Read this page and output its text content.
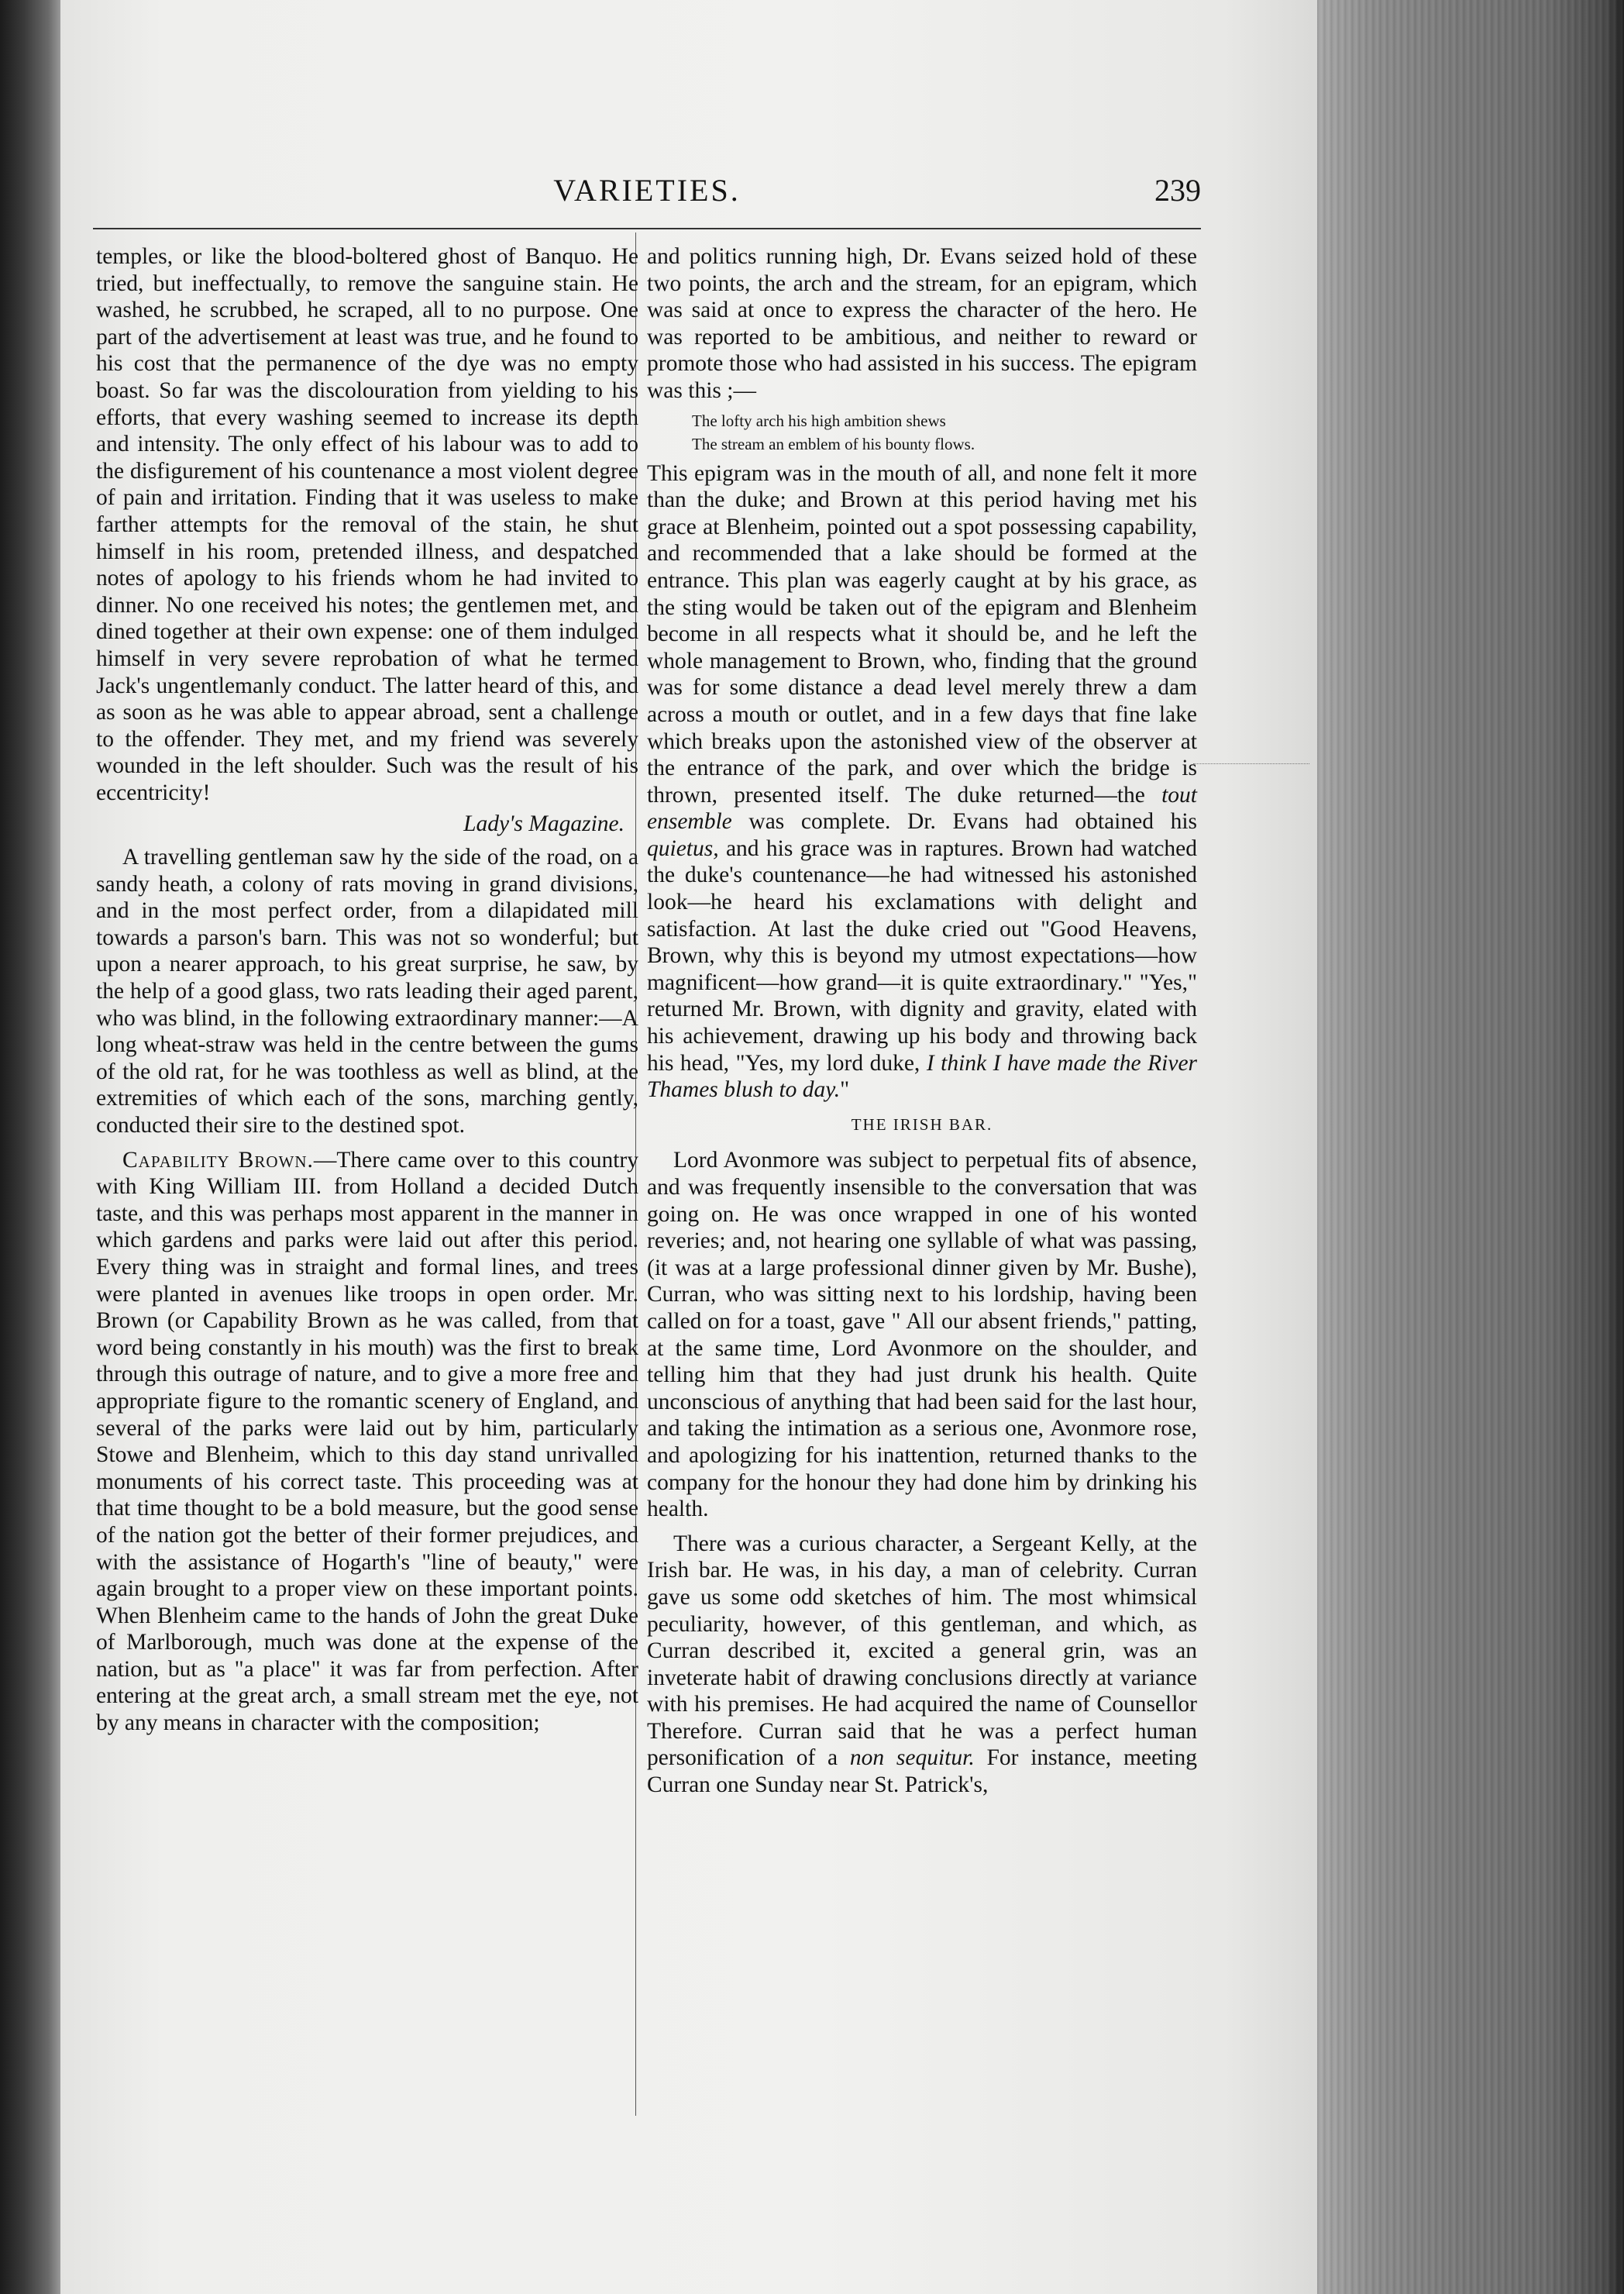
VARIETIES.	239

temples, or like the blood-boltered ghost of Banquo. He tried, but ineffectually, to remove the sanguine stain. He washed, he scrubbed, he scraped, all to no purpose. One part of the advertisement at least was true, and he found to his cost that the permanence of the dye was no empty boast. So far was the discolouration from yielding to his efforts, that every washing seemed to increase its depth and intensity. The only effect of his labour was to add to the disfigurement of his countenance a most violent degree of pain and irritation. Finding that it was useless to make farther attempts for the removal of the stain, he shut himself in his room, pretended illness, and despatched notes of apology to his friends whom he had invited to dinner. No one received his notes; the gentlemen met, and dined together at their own expense: one of them indulged himself in very severe reprobation of what he termed Jack's ungentlemanly conduct. The latter heard of this, and as soon as he was able to appear abroad, sent a challenge to the offender. They met, and my friend was severely wounded in the left shoulder. Such was the result of his eccentricity!

Lady's Magazine.

A travelling gentleman saw hy the side of the road, on a sandy heath, a colony of rats moving in grand divisions, and in the most perfect order, from a dilapidated mill towards a parson's barn. This was not so wonderful; but upon a nearer approach, to his great surprise, he saw, by the help of a good glass, two rats leading their aged parent, who was blind, in the following extraordinary manner:—A long wheat-straw was held in the centre between the gums of the old rat, for he was toothless as well as blind, at the extremities of which each of the sons, marching gently, conducted their sire to the destined spot.

Capability Brown.—There came over to this country with King William III. from Holland a decided Dutch taste, and this was perhaps most apparent in the manner in which gardens and parks were laid out after this period. Every thing was in straight and formal lines, and trees were planted in avenues like troops in open order. Mr. Brown (or Capability Brown as he was called, from that word being constantly in his mouth) was the first to break through this outrage of nature, and to give a more free and appropriate figure to the romantic scenery of England, and several of the parks were laid out by him, particularly Stowe and Blenheim, which to this day stand unrivalled monuments of his correct taste. This proceeding was at that time thought to be a bold measure, but the good sense of the nation got the better of their former prejudices, and with the assistance of Hogarth's "line of beauty," were again brought to a proper view on these important points. When Blenheim came to the hands of John the great Duke of Marlborough, much was done at the expense of the nation, but as "a place" it was far from perfection. After entering at the great arch, a small stream met the eye, not by any means in character with the composition;

and politics running high, Dr. Evans seized hold of these two points, the arch and the stream, for an epigram, which was said at once to express the character of the hero. He was reported to be ambitious, and neither to reward or promote those who had assisted in his success. The epigram was this ;—

The lofty arch his high ambition shews
The stream an emblem of his bounty flows.

This epigram was in the mouth of all, and none felt it more than the duke; and Brown at this period having met his grace at Blenheim, pointed out a spot possessing capability, and recommended that a lake should be formed at the entrance. This plan was eagerly caught at by his grace, as the sting would be taken out of the epigram and Blenheim become in all respects what it should be, and he left the whole management to Brown, who, finding that the ground was for some distance a dead level merely threw a dam across a mouth or outlet, and in a few days that fine lake which breaks upon the astonished view of the observer at the entrance of the park, and over which the bridge is thrown, presented itself. The duke returned—the tout ensemble was complete. Dr. Evans had obtained his quietus, and his grace was in raptures. Brown had watched the duke's countenance—he had witnessed his astonished look—he heard his exclamations with delight and satisfaction. At last the duke cried out "Good Heavens, Brown, why this is beyond my utmost expectations—how magnificent—how grand—it is quite extraordinary." "Yes," returned Mr. Brown, with dignity and gravity, elated with his achievement, drawing up his body and throwing back his head, "Yes, my lord duke, I think I have made the River Thames blush to day."

THE IRISH BAR.

Lord Avonmore was subject to perpetual fits of absence, and was frequently insensible to the conversation that was going on. He was once wrapped in one of his wonted reveries; and, not hearing one syllable of what was passing, (it was at a large professional dinner given by Mr. Bushe), Curran, who was sitting next to his lordship, having been called on for a toast, gave " All our absent friends," patting, at the same time, Lord Avonmore on the shoulder, and telling him that they had just drunk his health. Quite unconscious of anything that had been said for the last hour, and taking the intimation as a serious one, Avonmore rose, and apologizing for his inattention, returned thanks to the company for the honour they had done him by drinking his health.

There was a curious character, a Sergeant Kelly, at the Irish bar. He was, in his day, a man of celebrity. Curran gave us some odd sketches of him. The most whimsical peculiarity, however, of this gentleman, and which, as Curran described it, excited a general grin, was an inveterate habit of drawing conclusions directly at variance with his premises. He had acquired the name of Counsellor Therefore. Curran said that he was a perfect human personification of a non sequitur. For instance, meeting Curran one Sunday near St. Patrick's,
